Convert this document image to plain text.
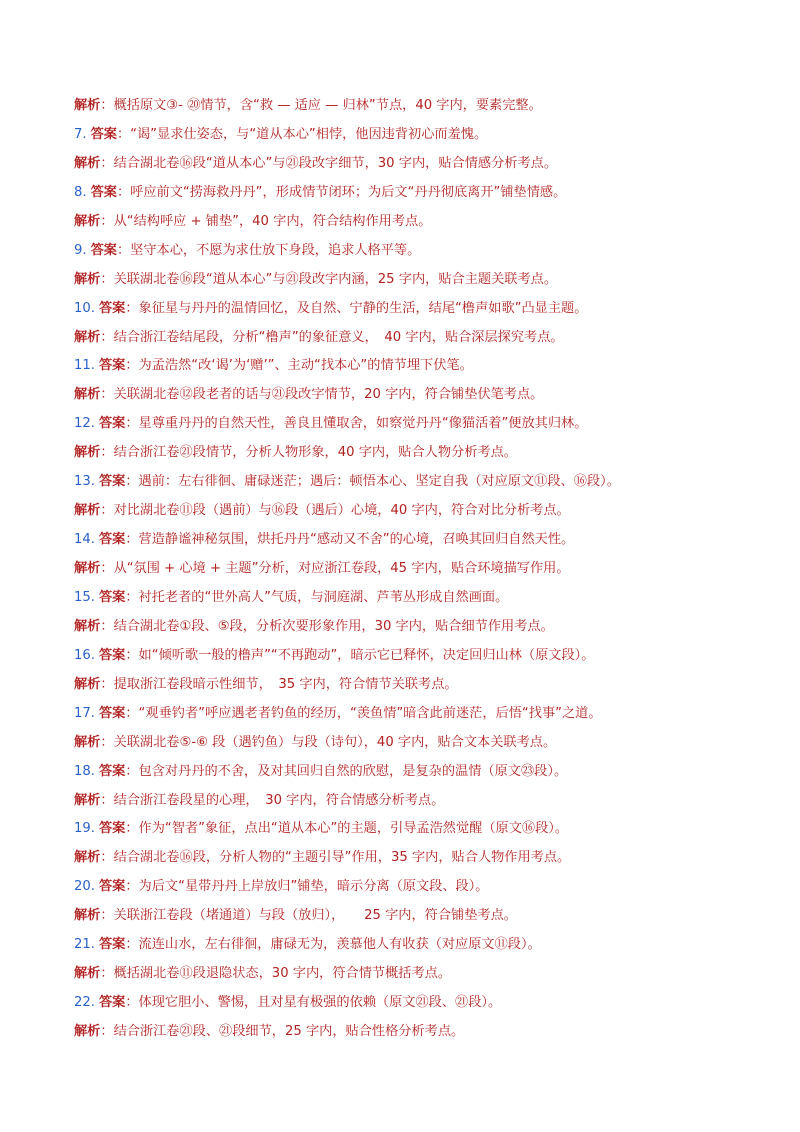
解析：概括原文③- ⑳情节，含“救 — 适应 — 归林”节点，40 字内，要素完整。
7. 答案：“谒”显求仕姿态，与“道从本心”相悖，他因违背初心而羞愧。
解析：结合湖北卷⑯段“道从本心”与㉑段改字细节，30 字内，贴合情感分析考点。
8. 答案：呼应前文“捞海救丹丹”，形成情节闭环；为后文“丹丹彻底离开”铺垫情感。
解析：从“结构呼应 + 铺垫”，40 字内，符合结构作用考点。
9. 答案：坚守本心，不愿为求仕放下身段，追求人格平等。
解析：关联湖北卷⑯段“道从本心”与㉑段改字内涵，25 字内，贴合主题关联考点。
10. 答案：象征星与丹丹的温情回忆，及自然、宁静的生活，结尾“橹声如歌”凸显主题。
解析：结合浙江卷结尾段，分析“橹声”的象征意义，　40 字内，贴合深层探究考点。
11. 答案：为孟浩然“改‘谒’为‘赠’”、主动“找本心”的情节埋下伏笔。
解析：关联湖北卷⑫段老者的话与㉑段改字情节，20 字内，符合铺垫伏笔考点。
12. 答案：星尊重丹丹的自然天性，善良且懂取舍，如察觉丹丹“像猫活着”便放其归林。
解析：结合浙江卷㉑段情节，分析人物形象，40 字内，贴合人物分析考点。
13. 答案：遇前：左右徘徊、庸碌迷茫；遇后：顿悟本心、坚定自我（对应原文⑪段、⑯段）。
解析：对比湖北卷⑪段（遇前）与⑯段（遇后）心境，40 字内，符合对比分析考点。
14. 答案：营造静谧神秘氛围，烘托丹丹“感动又不舍”的心境，召唤其回归自然天性。
解析：从“氛围 + 心境 + 主题”分析，对应浙江卷段，45 字内，贴合环境描写作用。
15. 答案：衬托老者的“世外高人”气质，与洞庭湖、芦苇丛形成自然画面。
解析：结合湖北卷①段、⑤段，分析次要形象作用，30 字内，贴合细节作用考点。
16. 答案：如“倾听歌一般的橹声”“不再跑动”，暗示它已释怀，决定回归山林（原文段）。
解析：提取浙江卷段暗示性细节，　35 字内，符合情节关联考点。
17. 答案：“观垂钓者”呼应遇老者钓鱼的经历，“羡鱼情”暗含此前迷茫，后悟“找事”之道。
解析：关联湖北卷⑤-⑥ 段（遇钓鱼）与段（诗句），40 字内，贴合文本关联考点。
18. 答案：包含对丹丹的不舍，及对其回归自然的欣慰，是复杂的温情（原文㉓段）。
解析：结合浙江卷段星的心理，　30 字内，符合情感分析考点。
19. 答案：作为“智者”象征，点出“道从本心”的主题，引导孟浩然觉醒（原文⑯段）。
解析：结合湖北卷⑯段，分析人物的“主题引导”作用，35 字内，贴合人物作用考点。
20. 答案：为后文“星带丹丹上岸放归”铺垫，暗示分离（原文段、段）。
解析：关联浙江卷段（堵通道）与段（放归），　　25 字内，符合铺垫考点。
21. 答案：流连山水，左右徘徊，庸碌无为，羡慕他人有收获（对应原文⑪段）。
解析：概括湖北卷⑪段退隐状态，30 字内，符合情节概括考点。
22. 答案：体现它胆小、警惕，且对星有极强的依赖（原文㉑段、㉑段）。
解析：结合浙江卷㉑段、㉑段细节，25 字内，贴合性格分析考点。
